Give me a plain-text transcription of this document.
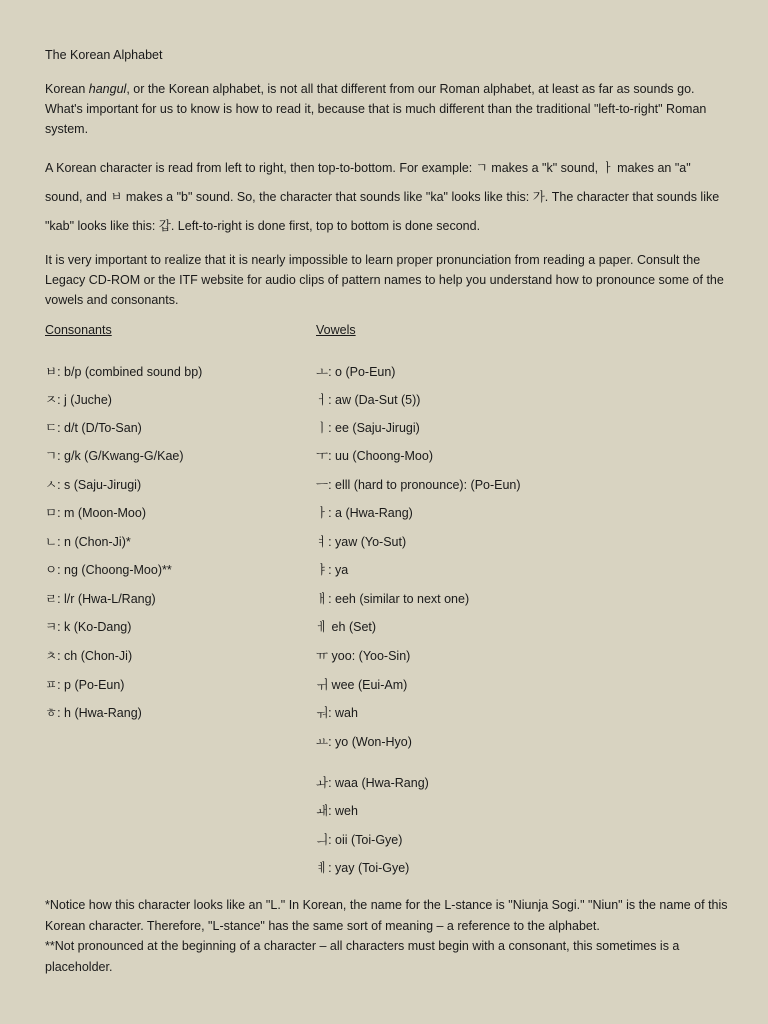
The Korean Alphabet
Korean hangul, or the Korean alphabet, is not all that different from our Roman alphabet, at least as far as sounds go. What's important for us to know is how to read it, because that is much different than the traditional "left-to-right" Roman system.
A Korean character is read from left to right, then top-to-bottom. For example: ㄱ makes a "k" sound, ㅏ makes an "a" sound, and ㅂ makes a "b" sound. So, the character that sounds like "ka" looks like this: 가. The character that sounds like "kab" looks like this: 갑. Left-to-right is done first, top to bottom is done second.
It is very important to realize that it is nearly impossible to learn proper pronunciation from reading a paper. Consult the Legacy CD-ROM or the ITF website for audio clips of pattern names to help you understand how to pronounce some of the vowels and consonants.
Consonants	Vowels
ㅂ: b/p (combined sound bp)
ㅈ: j (Juche)
ㄷ: d/t (D/To-San)
ㄱ: g/k (G/Kwang-G/Kae)
ㅅ: s (Saju-Jirugi)
ㅁ: m (Moon-Moo)
ㄴ: n (Chon-Ji)*
ㅇ: ng (Choong-Moo)**
ㄹ: l/r (Hwa-L/Rang)
ㅋ: k (Ko-Dang)
ㅊ: ch (Chon-Ji)
ㅍ: p (Po-Eun)
ㅎ: h (Hwa-Rang)
ㅗ: o (Po-Eun)
ㅓ: aw (Da-Sut (5))
ㅣ: ee (Saju-Jirugi)
ㅜ: uu (Choong-Moo)
ㅡ: elll (hard to pronounce): (Po-Eun)
ㅏ: a (Hwa-Rang)
ㅕ: yaw (Yo-Sut)
ㅑ: ya
ㅐ: eeh (similar to next one)
ㅔ eh (Set)
ㅠ yoo: (Yoo-Sin)
ㅟ wee (Eui-Am)
ㅝ: wah
ㅛ: yo (Won-Hyo)
ㅘ: waa (Hwa-Rang)
ㅙ: weh
ㅢ: oii (Toi-Gye)
ㅖ: yay (Toi-Gye)
*Notice how this character looks like an "L." In Korean, the name for the L-stance is "Niunja Sogi." "Niun" is the name of this Korean character. Therefore, "L-stance" has the same sort of meaning – a reference to the alphabet.
**Not pronounced at the beginning of a character – all characters must begin with a consonant, this sometimes is a placeholder.
